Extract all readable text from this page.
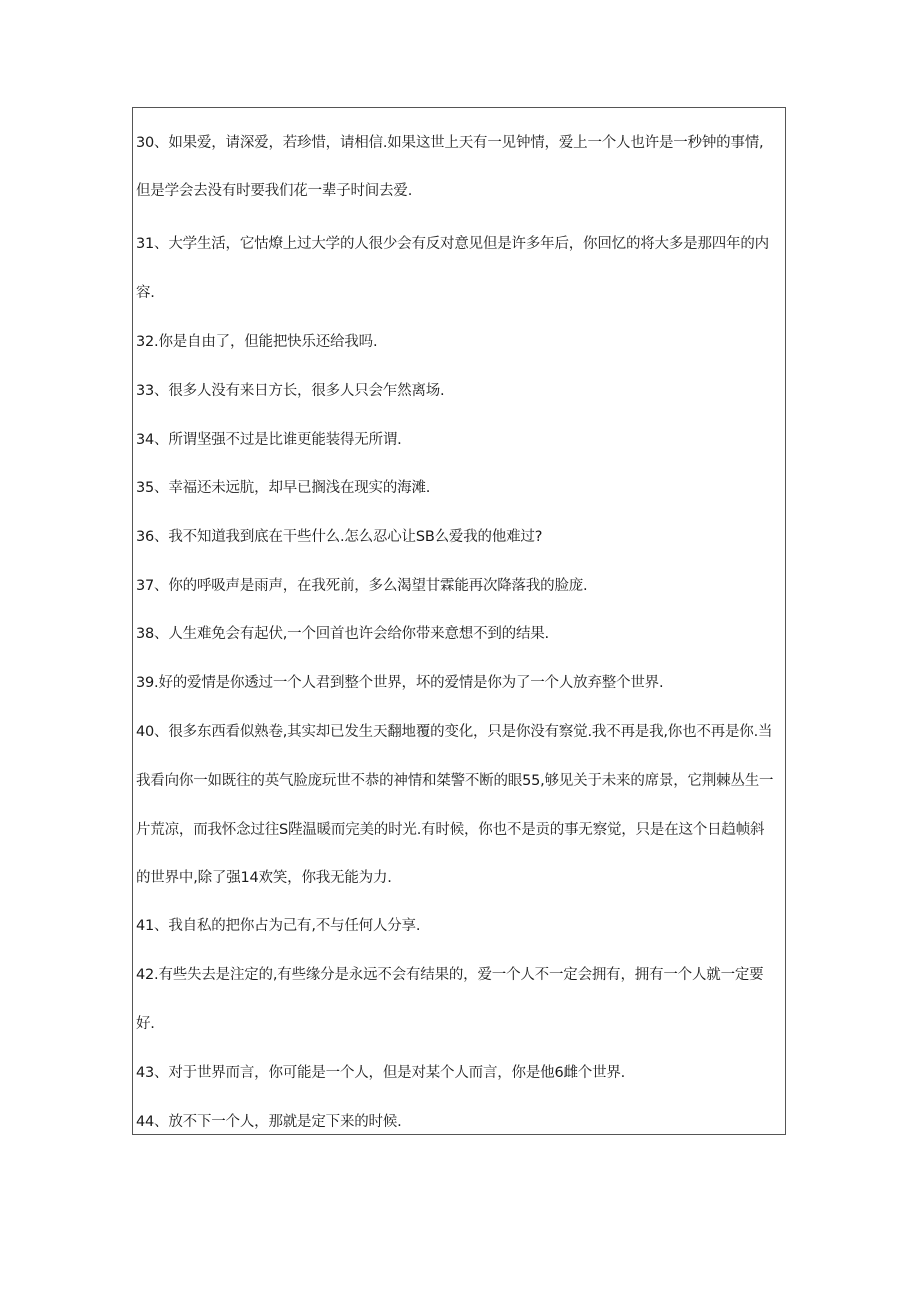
30、如果爱，请深爱，若珍惜，请相信.如果这世上天有一见钟情，爱上一个人也许是一秒钟的事情,
但是学会去没有时要我们花一辈子时间去爱.
31、大学生活，它怙燎上过大学的人很少会有反对意见但是许多年后，你回忆的将大多是那四年的内
容.
32.你是自由了，但能把快乐还给我吗.
33、很多人没有来日方长，很多人只会乍然离场.
34、所谓坚强不过是比谁更能装得无所谓.
35、幸福还未远肮，却早已搁浅在现实的海滩.
36、我不知道我到底在干些什么.怎么忍心让SB么爱我的他难过?
37、你的呼吸声是雨声，在我死前，多么渴望甘霖能再次降落我的脸庞.
38、人生难免会有起伏,一个回首也许会给你带来意想不到的结果.
39.好的爱情是你透过一个人君到整个世界，坏的爱情是你为了一个人放弃整个世界.
40、很多东西看似熟卷,其实却已发生天翻地覆的变化，只是你没有察觉.我不再是我,你也不再是你.当
我看向你一如既往的英气脸庞玩世不恭的神情和桀警不断的眼55,够见关于未来的席景，它荆棘丛生一
片荒凉，而我怀念过往S陛温暖而完美的时光.有时候，你也不是贡的事无察觉，只是在这个日趋帧斜
的世界中,除了强14欢笑，你我无能为力.
41、我自私的把你占为己有,不与任何人分享.
42.有些失去是注定的,有些缘分是永远不会有结果的，爱一个人不一定会拥有，拥有一个人就一定要
好.
43、对于世界而言，你可能是一个人，但是对某个人而言，你是他6雌个世界.
44、放不下一个人，那就是定下来的时候.
